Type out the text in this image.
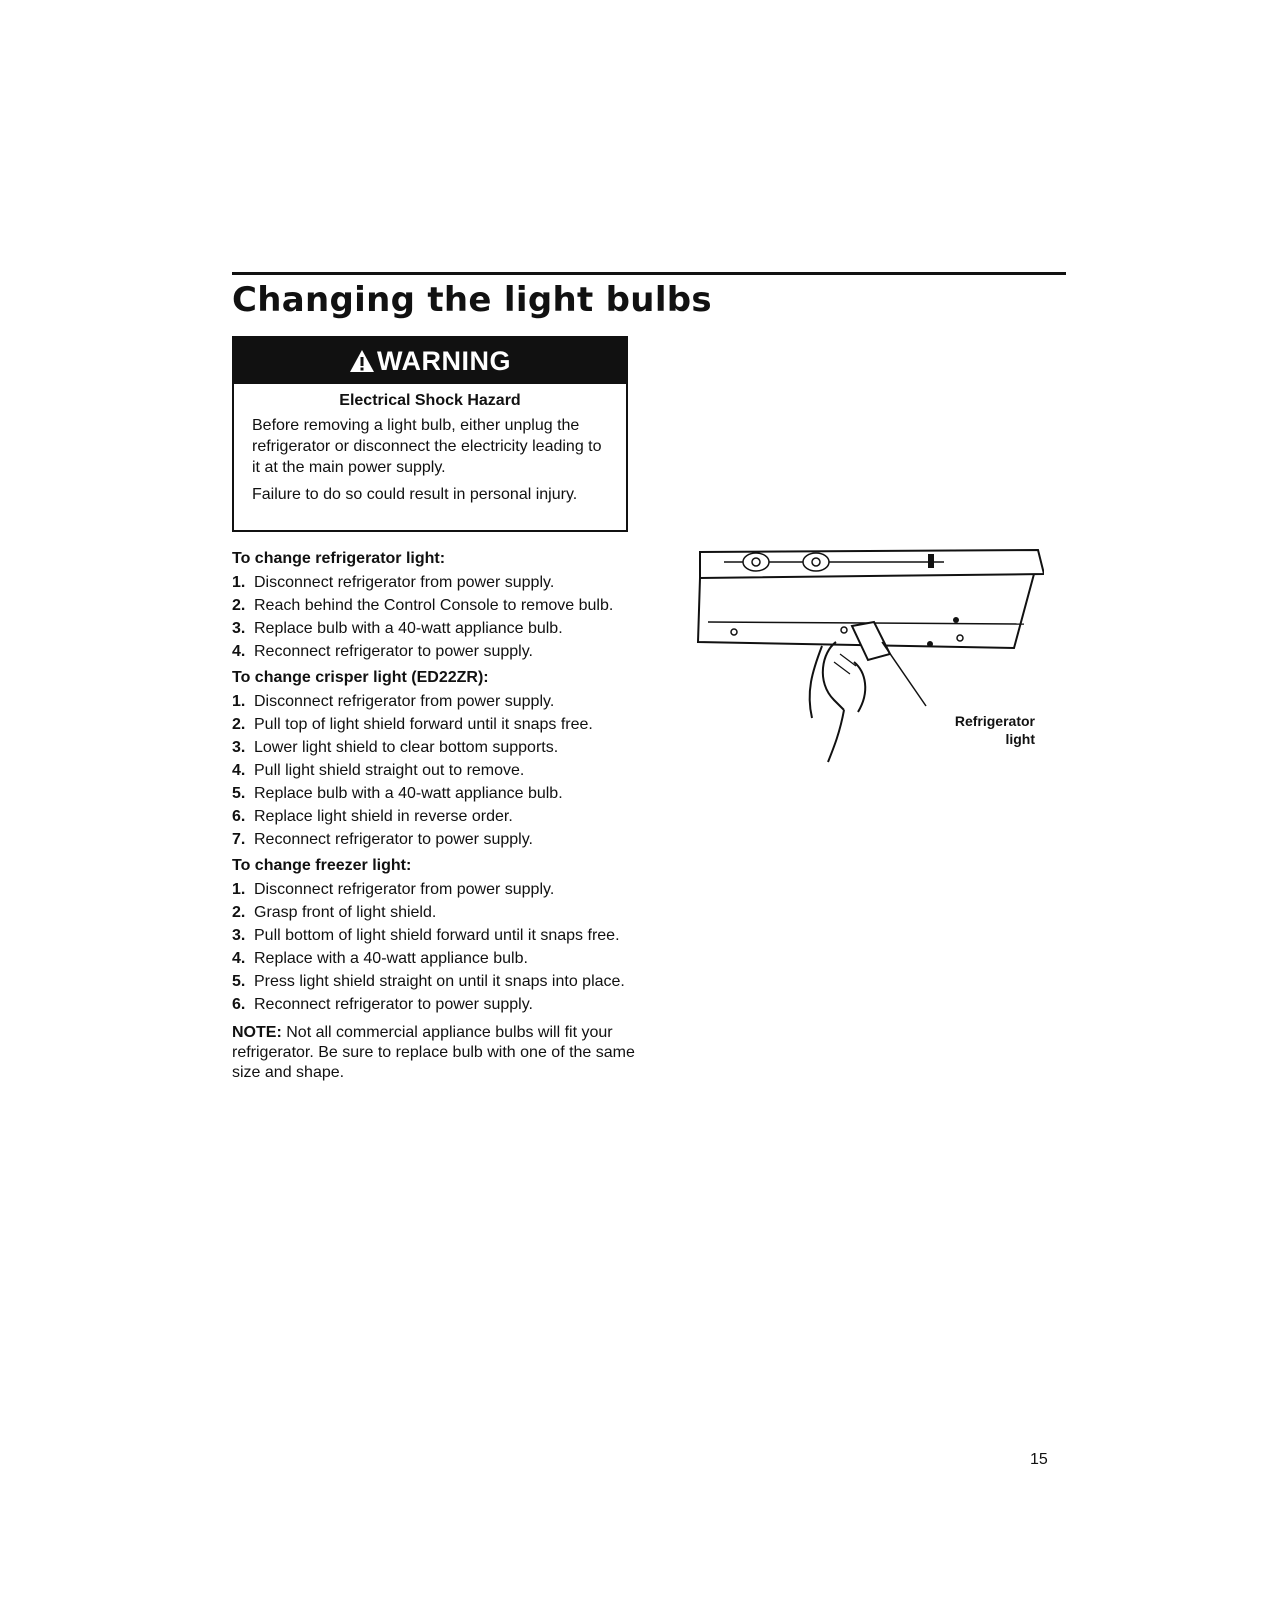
Changing the light bulbs
WARNING
Electrical Shock Hazard

Before removing a light bulb, either unplug the refrigerator or disconnect the electricity leading to it at the main power supply.

Failure to do so could result in personal injury.

To change refrigerator light:
1. Disconnect refrigerator from power supply.
2. Reach behind the Control Console to remove bulb.
3. Replace bulb with a 40-watt appliance bulb.
4. Reconnect refrigerator to power supply.
To change crisper light (ED22ZR):
1. Disconnect refrigerator from power supply.
2. Pull top of light shield forward until it snaps free.
3. Lower light shield to clear bottom supports.
4. Pull light shield straight out to remove.
5. Replace bulb with a 40-watt appliance bulb.
6. Replace light shield in reverse order.
7. Reconnect refrigerator to power supply.
To change freezer light:
1. Disconnect refrigerator from power supply.
2. Grasp front of light shield.
3. Pull bottom of light shield forward until it snaps free.
4. Replace with a 40-watt appliance bulb.
5. Press light shield straight on until it snaps into place.
6. Reconnect refrigerator to power supply.
NOTE: Not all commercial appliance bulbs will fit your refrigerator. Be sure to replace bulb with one of the same size and shape.
Refrigerator
light
15
